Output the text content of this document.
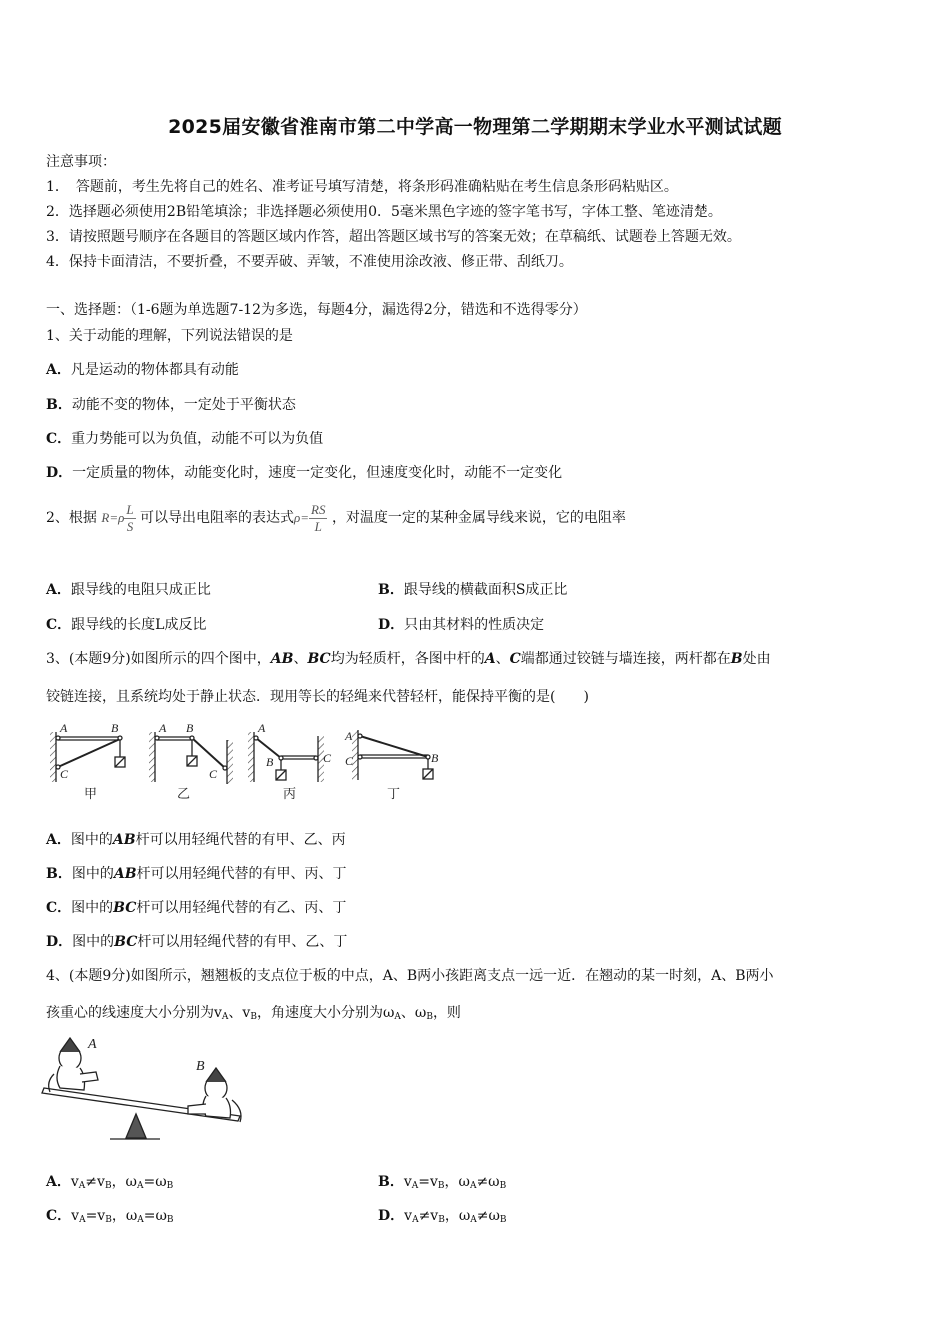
2025届安徽省淮南市第二中学高一物理第二学期期末学业水平测试试题
注意事项：
1．　答题前，考生先将自己的姓名、准考证号填写清楚，将条形码准确粘贴在考生信息条形码粘贴区。
2．选择题必须使用2B铅笔填涂；非选择题必须使用0．5毫米黑色字迹的签字笔书写，字体工整、笔迹清楚。
3．请按照题号顺序在各题目的答题区域内作答，超出答题区域书写的答案无效；在草稿纸、试题卷上答题无效。
4．保持卡面清洁，不要折叠，不要弄破、弄皱，不准使用涂改液、修正带、刮纸刀。
一、选择题：（1-6题为单选题7-12为多选，每题4分，漏选得2分，错选和不选得零分）
1、关于动能的理解，下列说法错误的是
A．凡是运动的物体都具有动能
B．动能不变的物体，一定处于平衡状态
C．重力势能可以为负值，动能不可以为负值
D．一定质量的物体，动能变化时，速度一定变化，但速度变化时，动能不一定变化
2、根据 $R=\rho \frac{L}{S}$ 可以导出电阻率的表达式$\rho= \frac{RS}{L}$ ，对温度一定的某种金属导线来说，它的电阻率
A．跟导线的电阻只成正比	B．跟导线的横截面积S成正比
C．跟导线的长度L成反比	D．只由其材料的性质决定
3、(本题9分)如图所示的四个图中，AB、BC均为轻质杆，各图中杆的A、C端都通过铰链与墙连接，两杆都在B处由
铰链连接，且系统均处于静止状态．现用等长的轻绳来代替轻杆，能保持平衡的是(　　)
A	B
C
A B
C
A
B	C
A
C	B
甲	乙	丙	丁
A．图中的AB杆可以用轻绳代替的有甲、乙、丙
B．图中的AB杆可以用轻绳代替的有甲、丙、丁
C．图中的BC杆可以用轻绳代替的有乙、丙、丁
D．图中的BC杆可以用轻绳代替的有甲、乙、丁
4、(本题9分)如图所示，翘翘板的支点位于板的中点，A、B两小孩距离支点一远一近．在翘动的某一时刻，A、B两小
孩重心的线速度大小分别为$v_A$、$v_B$，角速度大小分别为$\omega_A$、$\omega_B$，则
A
B
A．$v_A\ne v_B$，$\omega_A=\omega_B$	B．$v_A=v_B$，$\omega_A\ne\omega_B$
C．$v_A=v_B$，$\omega_A=\omega_B$	D．$v_A\ne v_B$，$\omega_A\ne\omega_B$
